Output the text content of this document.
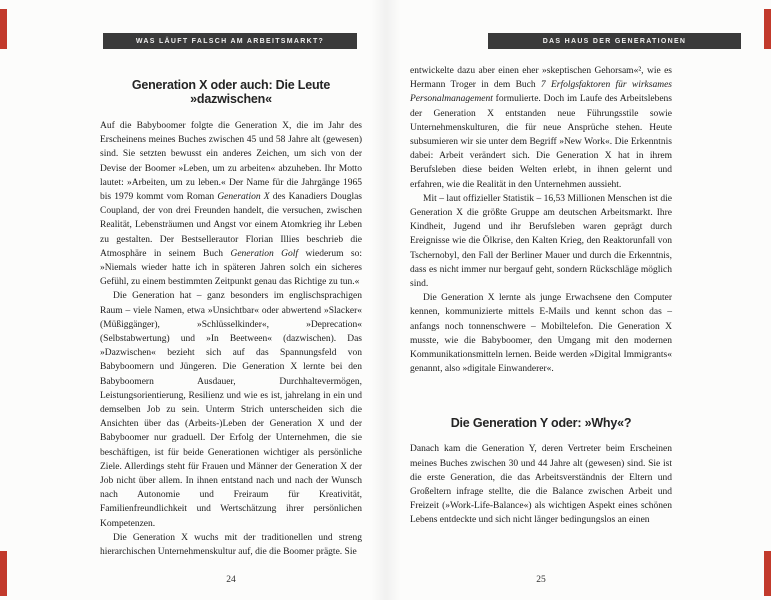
WAS LÄUFT FALSCH AM ARBEITSMARKT?	DAS HAUS DER GENERATIONEN
Generation X oder auch: Die Leute »dazwischen«

Auf die Babyboomer folgte die Generation X, die im Jahr des Erscheinens meines Buches zwischen 45 und 58 Jahre alt (gewesen) sind. Sie setzten bewusst ein anderes Zeichen, um sich von der Devise der Boomer »Leben, um zu arbeiten« abzuheben. Ihr Motto lautet: »Arbeiten, um zu leben.« Der Name für die Jahrgänge 1965 bis 1979 kommt vom Roman Generation X des Kanadiers Douglas Coupland, der von drei Freunden handelt, die versuchen, zwischen Realität, Lebensträumen und Angst vor einem Atomkrieg ihr Leben zu gestalten. Der Bestsellerautor Florian Illies beschrieb die Atmosphäre in seinem Buch Generation Golf wiederum so: »Niemals wieder hatte ich in späteren Jahren solch ein sicheres Gefühl, zu einem bestimmten Zeitpunkt genau das Richtige zu tun.«

Die Generation hat – ganz besonders im englischsprachigen Raum – viele Namen, etwa »Unsichtbar« oder abwertend »Slacker« (Müßiggänger), »Schlüsselkinder«, »Deprecation« (Selbstabwertung) und »In Beetween« (dazwischen). Das »Dazwischen« bezieht sich auf das Spannungsfeld von Babyboomern und Jüngeren. Die Generation X lernte bei den Babyboomern Ausdauer, Durchhaltevermögen, Leistungsorientierung, Resilienz und wie es ist, jahrelang in ein und demselben Job zu sein. Unterm Strich unterscheiden sich die Ansichten über das (Arbeits-)Leben der Generation X und der Babyboomer nur graduell. Der Erfolg der Unternehmen, die sie beschäftigen, ist für beide Generationen wichtiger als persönliche Ziele. Allerdings steht für Frauen und Männer der Generation X der Job nicht über allem. In ihnen entstand nach und nach der Wunsch nach Autonomie und Freiraum für Kreativität, Familienfreundlichkeit und Wertschätzung ihrer persönlichen Kompetenzen.

Die Generation X wuchs mit der traditionellen und streng hierarchischen Unternehmenskultur auf, die die Boomer prägte. Sie

24

entwickelte dazu aber einen eher »skeptischen Gehorsam«², wie es Hermann Troger in dem Buch 7 Erfolgsfaktoren für wirksames Personalmanagement formulierte. Doch im Laufe des Arbeitslebens der Generation X entstanden neue Führungsstile sowie Unternehmenskulturen, die für neue Ansprüche stehen. Heute subsumieren wir sie unter dem Begriff »New Work«. Die Erkenntnis dabei: Arbeit verändert sich. Die Generation X hat in ihrem Berufsleben diese beiden Welten erlebt, in ihnen gelernt und erfahren, wie die Realität in den Unternehmen aussieht.

Mit – laut offizieller Statistik – 16,53 Millionen Menschen ist die Generation X die größte Gruppe am deutschen Arbeitsmarkt. Ihre Kindheit, Jugend und ihr Berufsleben waren geprägt durch Ereignisse wie die Ölkrise, den Kalten Krieg, den Reaktorunfall von Tschernobyl, den Fall der Berliner Mauer und durch die Erkenntnis, dass es nicht immer nur bergauf geht, sondern Rückschläge möglich sind.

Die Generation X lernte als junge Erwachsene den Computer kennen, kommunizierte mittels E-Mails und kennt schon das – anfangs noch tonnenschwere – Mobiltelefon. Die Generation X musste, wie die Babyboomer, den Umgang mit den modernen Kommunikationsmitteln lernen. Beide werden »Digital Immigrants« genannt, also »digitale Einwanderer«.

Die Generation Y oder: »Why«?

Danach kam die Generation Y, deren Vertreter beim Erscheinen meines Buches zwischen 30 und 44 Jahre alt (gewesen) sind. Sie ist die erste Generation, die das Arbeitsverständnis der Eltern und Großeltern infrage stellte, die die Balance zwischen Arbeit und Freizeit (»Work-Life-Balance«) als wichtigen Aspekt eines schönen Lebens entdeckte und sich nicht länger bedingungslos an einen

25
